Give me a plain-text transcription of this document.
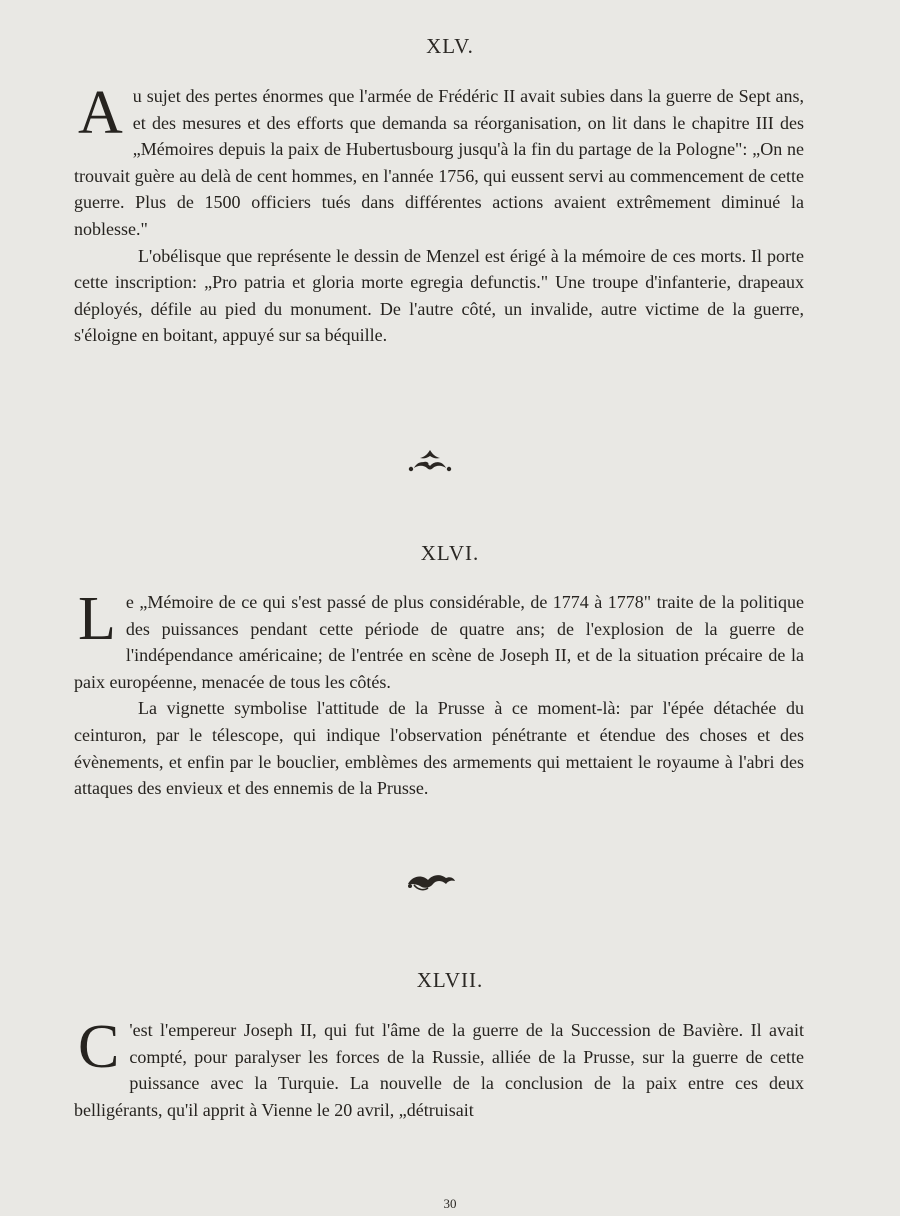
XLV.

Au sujet des pertes énormes que l'armée de Frédéric II avait subies dans la guerre de Sept ans, et des mesures et des efforts que demanda sa réorganisation, on lit dans le chapitre III des „Mémoires depuis la paix de Hubertusbourg jusqu'à la fin du partage de la Pologne": „On ne trouvait guère au delà de cent hommes, en l'année 1756, qui eussent servi au commencement de cette guerre. Plus de 1500 officiers tués dans différentes actions avaient extrêmement diminué la noblesse."

L'obélisque que représente le dessin de Menzel est érigé à la mémoire de ces morts. Il porte cette inscription: „Pro patria et gloria morte egregia defunctis." Une troupe d'infanterie, drapeaux déployés, défile au pied du monument. De l'autre côté, un invalide, autre victime de la guerre, s'éloigne en boitant, appuyé sur sa béquille.

XLVI.

Le „Mémoire de ce qui s'est passé de plus considérable, de 1774 à 1778" traite de la politique des puissances pendant cette période de quatre ans; de l'explosion de la guerre de l'indépendance américaine; de l'entrée en scène de Joseph II, et de la situation précaire de la paix européenne, menacée de tous les côtés.

La vignette symbolise l'attitude de la Prusse à ce moment-là: par l'épée détachée du ceinturon, par le télescope, qui indique l'observation pénétrante et étendue des choses et des évènements, et enfin par le bouclier, emblèmes des armements qui mettaient le royaume à l'abri des attaques des envieux et des ennemis de la Prusse.

XLVII.

C 'est l'empereur Joseph II, qui fut l'âme de la guerre de la Succession de Bavière. Il avait compté, pour paralyser les forces de la Russie, alliée de la Prusse, sur la guerre de cette puissance avec la Turquie. La nouvelle de la conclusion de la paix entre ces deux belligérants, qu'il apprit à Vienne le 20 avril, „détruisait

30
